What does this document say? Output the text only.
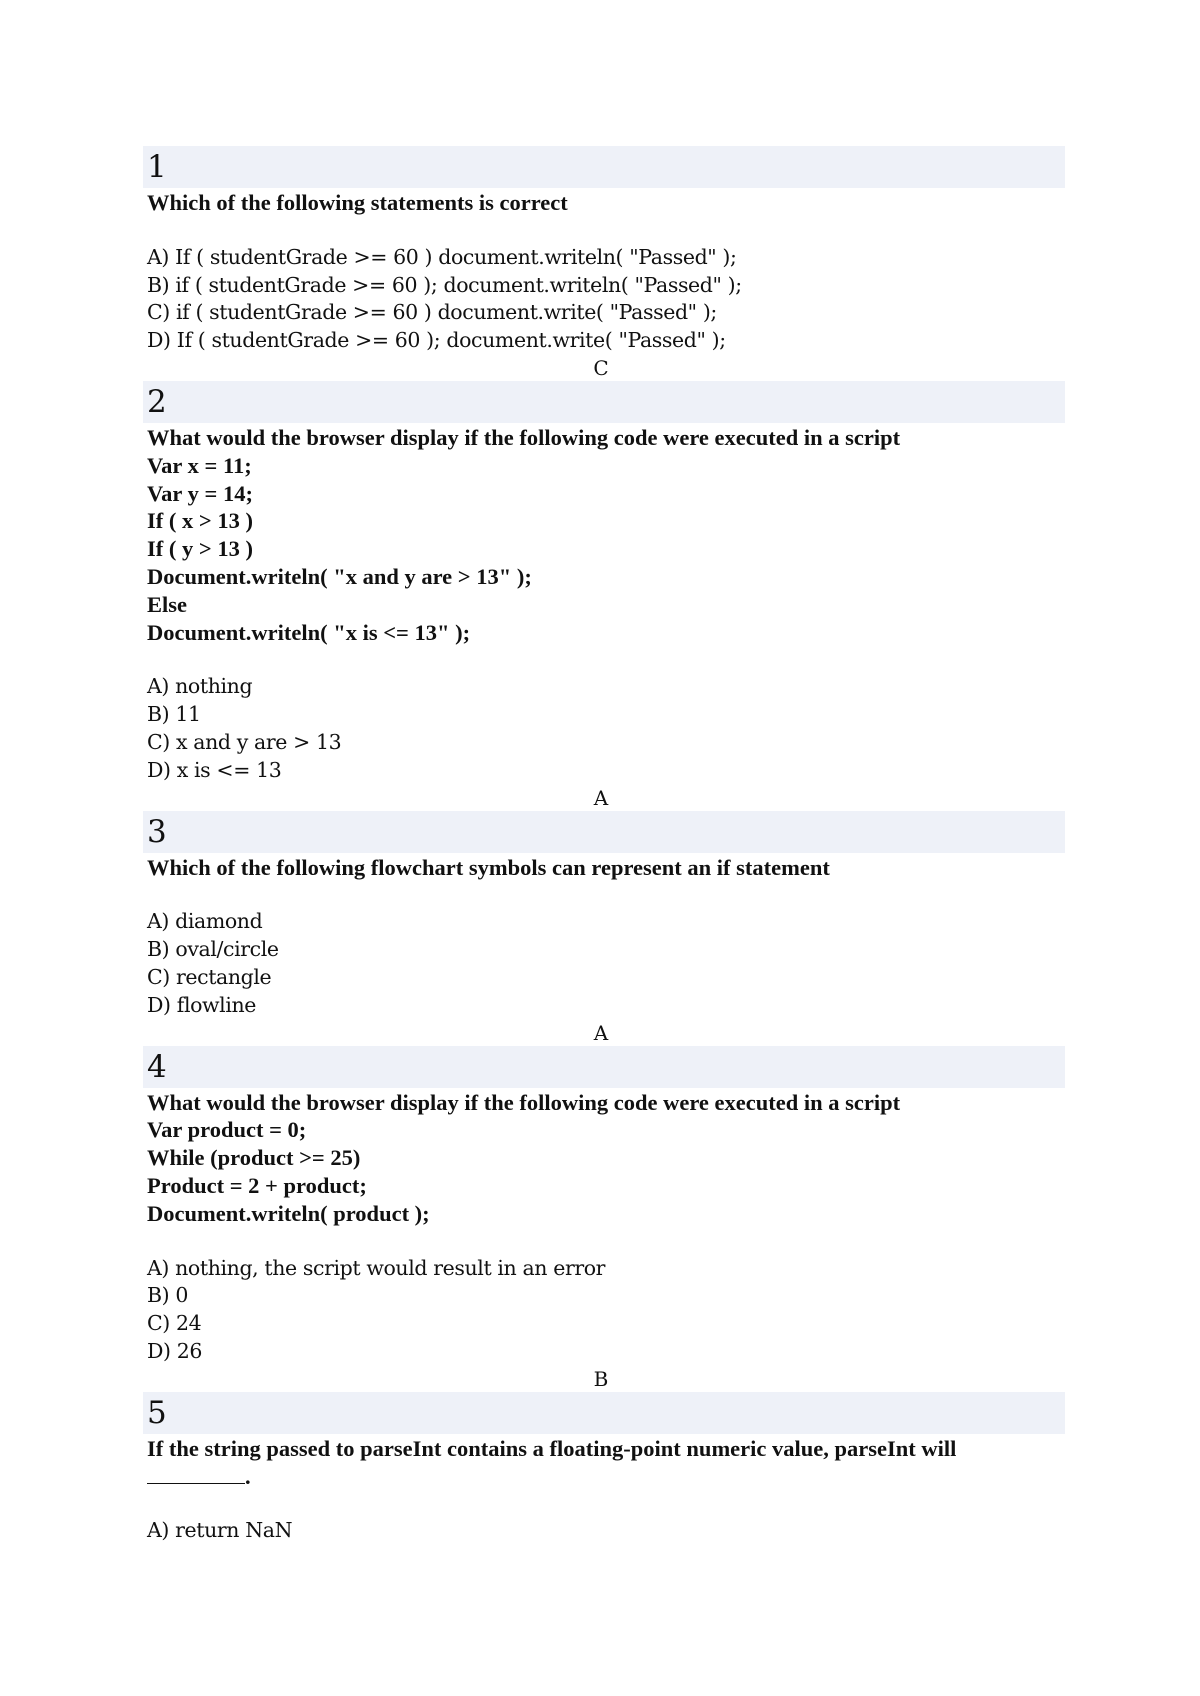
1
Which of the following statements is correct
A) If ( studentGrade >= 60 ) document.writeln( "Passed" );
B) if ( studentGrade >= 60 ); document.writeln( "Passed" );
C) if ( studentGrade >= 60 ) document.write( "Passed" );
D) If ( studentGrade >= 60 ); document.write( "Passed" );
C
2
What would the browser display if the following code were executed in a script
Var x = 11;
Var y = 14;
If ( x > 13 )
If ( y > 13 )
Document.writeln( "x and y are > 13" );
Else
Document.writeln( "x is <= 13" );
A) nothing
B) 11
C) x and y are > 13
D) x is <= 13
A
3
Which of the following flowchart symbols can represent an if statement
A) diamond
B) oval/circle
C) rectangle
D) flowline
A
4
What would the browser display if the following code were executed in a script
Var product = 0;
While (product >= 25)
Product = 2 + product;
Document.writeln( product );
A) nothing, the script would result in an error
B) 0
C) 24
D) 26
B
5
If the string passed to parseInt contains a floating-point numeric value, parseInt will
.
A) return NaN
